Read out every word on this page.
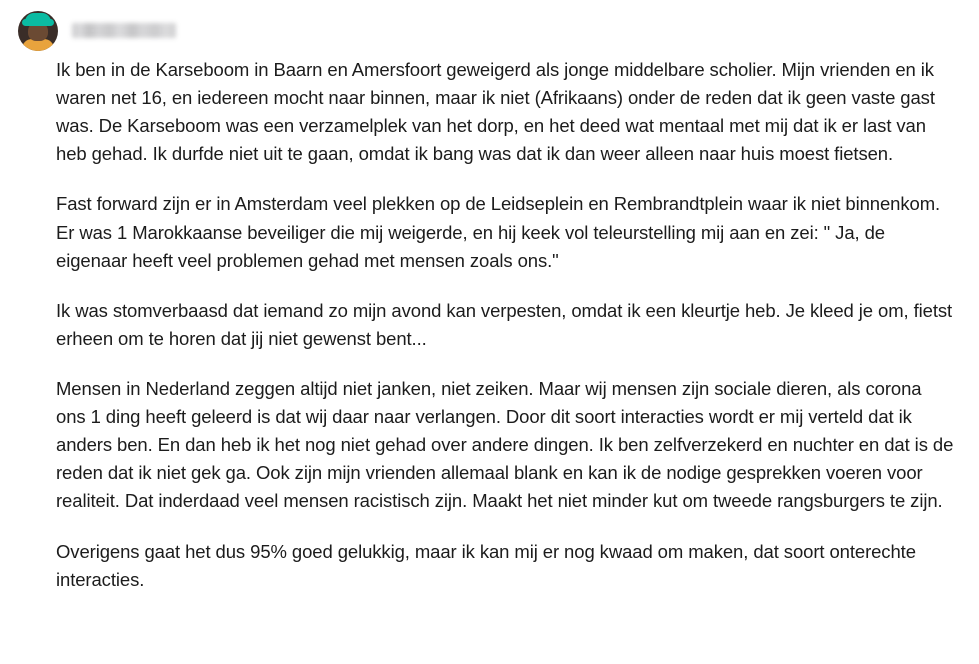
Ik ben in de Karseboom in Baarn en Amersfoort geweigerd als jonge middelbare scholier. Mijn vrienden en ik waren net 16, en iedereen mocht naar binnen, maar ik niet (Afrikaans) onder de reden dat ik geen vaste gast was. De Karseboom was een verzamelplek van het dorp, en het deed wat mentaal met mij dat ik er last van heb gehad. Ik durfde niet uit te gaan, omdat ik bang was dat ik dan weer alleen naar huis moest fietsen.

Fast forward zijn er in Amsterdam veel plekken op de Leidseplein en Rembrandtplein waar ik niet binnenkom. Er was 1 Marokkaanse beveiliger die mij weigerde, en hij keek vol teleurstelling mij aan en zei: " Ja, de eigenaar heeft veel problemen gehad met mensen zoals ons."

Ik was stomverbaasd dat iemand zo mijn avond kan verpesten, omdat ik een kleurtje heb. Je kleed je om, fietst erheen om te horen dat jij niet gewenst bent...

Mensen in Nederland zeggen altijd niet janken, niet zeiken. Maar wij mensen zijn sociale dieren, als corona ons 1 ding heeft geleerd is dat wij daar naar verlangen. Door dit soort interacties wordt er mij verteld dat ik anders ben. En dan heb ik het nog niet gehad over andere dingen. Ik ben zelfverzekerd en nuchter en dat is de reden dat ik niet gek ga. Ook zijn mijn vrienden allemaal blank en kan ik de nodige gesprekken voeren voor realiteit. Dat inderdaad veel mensen racistisch zijn. Maakt het niet minder kut om tweede rangsburgers te zijn.

Overigens gaat het dus 95% goed gelukkig, maar ik kan mij er nog kwaad om maken, dat soort onterechte interacties.
